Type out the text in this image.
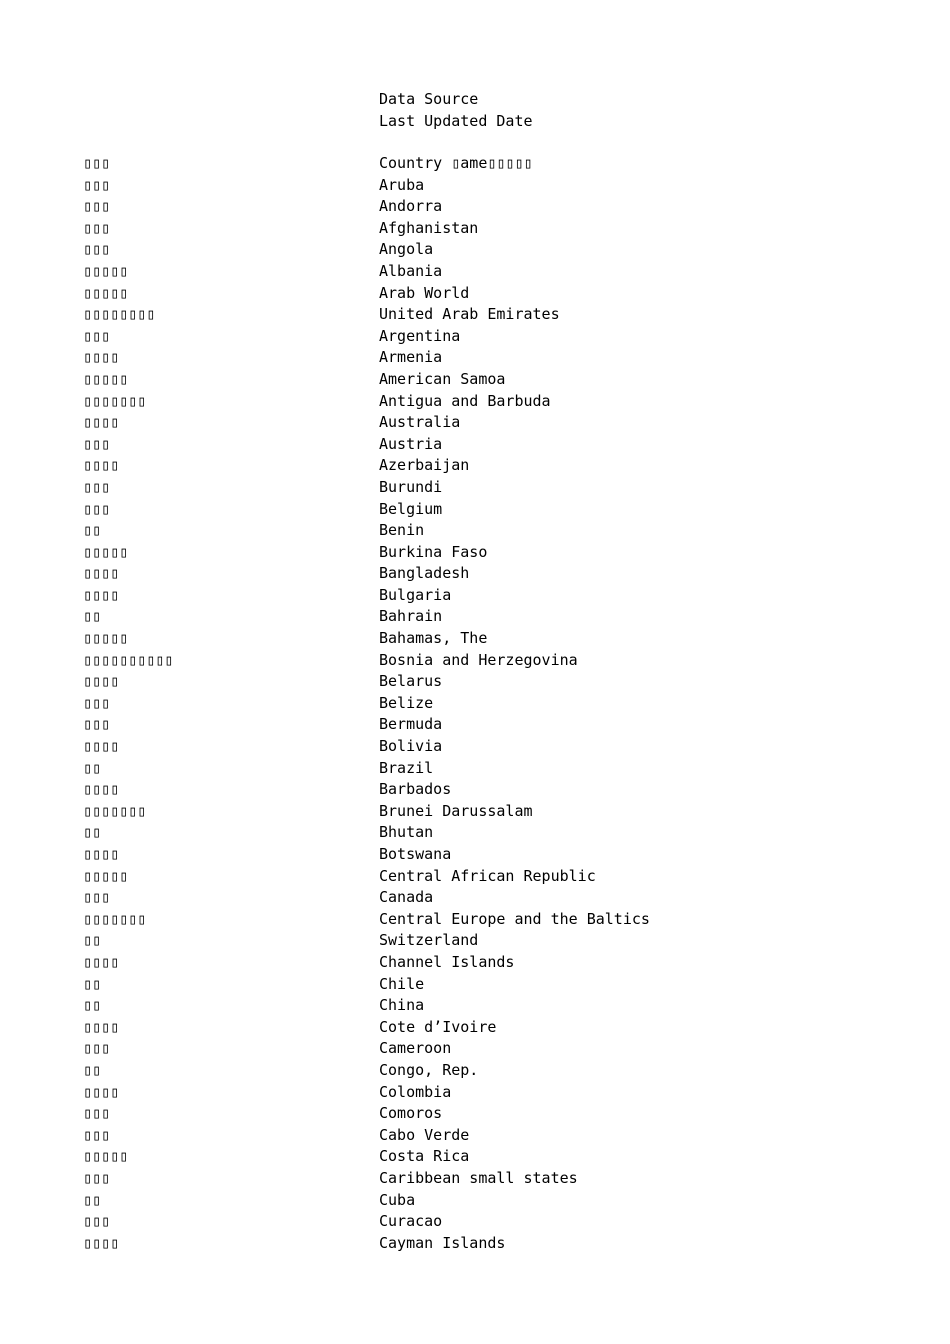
Data Source
Last Updated Date
▯▯▯	Country ▯ame▯▯▯▯▯
▯▯▯	Aruba
▯▯▯	Andorra
▯▯▯	Afghanistan
▯▯▯	Angola
▯▯▯▯▯	Albania
▯▯▯▯▯	Arab World
▯▯▯▯▯▯▯▯	United Arab Emirates
▯▯▯	Argentina
▯▯▯▯	Armenia
▯▯▯▯▯	American Samoa
▯▯▯▯▯▯▯	Antigua and Barbuda
▯▯▯▯	Australia
▯▯▯	Austria
▯▯▯▯	Azerbaijan
▯▯▯	Burundi
▯▯▯	Belgium
▯▯	Benin
▯▯▯▯▯	Burkina Faso
▯▯▯▯	Bangladesh
▯▯▯▯	Bulgaria
▯▯	Bahrain
▯▯▯▯▯	Bahamas, The
▯▯▯▯▯▯▯▯▯▯	Bosnia and Herzegovina
▯▯▯▯	Belarus
▯▯▯	Belize
▯▯▯	Bermuda
▯▯▯▯	Bolivia
▯▯	Brazil
▯▯▯▯	Barbados
▯▯▯▯▯▯▯	Brunei Darussalam
▯▯	Bhutan
▯▯▯▯	Botswana
▯▯▯▯▯	Central African Republic
▯▯▯	Canada
▯▯▯▯▯▯▯	Central Europe and the Baltics
▯▯	Switzerland
▯▯▯▯	Channel Islands
▯▯	Chile
▯▯	China
▯▯▯▯	Cote d’Ivoire
▯▯▯	Cameroon
▯▯	Congo, Rep.
▯▯▯▯	Colombia
▯▯▯	Comoros
▯▯▯	Cabo Verde
▯▯▯▯▯	Costa Rica
▯▯▯	Caribbean small states
▯▯	Cuba
▯▯▯	Curacao
▯▯▯▯	Cayman Islands
